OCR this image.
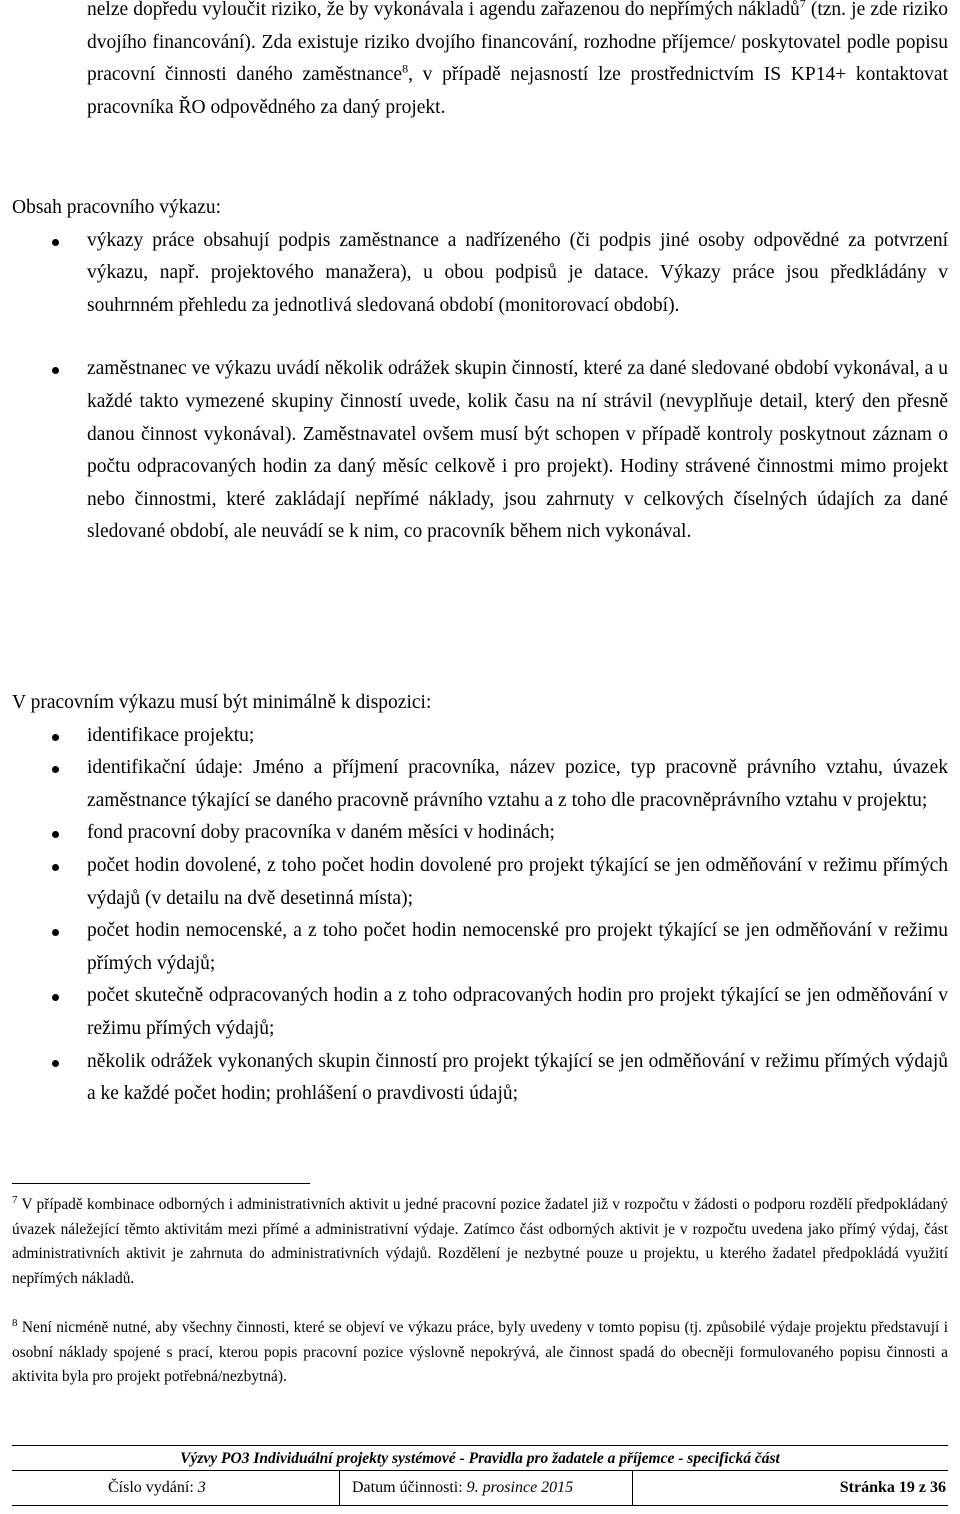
nelze dopředu vyloučit riziko, že by vykonávala i agendu zařazenou do nepřímých nákladů$^7$ (tzn. je zde riziko dvojího financování). Zda existuje riziko dvojího financování, rozhodne příjemce/ poskytovatel podle popisu pracovní činnosti daného zaměstnance$^8$, v případě nejasností lze prostřednictvím IS KP14+ kontaktovat pracovníka ŘO odpovědného za daný projekt.

Obsah pracovního výkazu:

výkazy práce obsahují podpis zaměstnance a nadřízeného (či podpis jiné osoby odpovědné za potvrzení výkazu, např. projektového manažera), u obou podpisů je datace. Výkazy práce jsou předkládány v souhrnném přehledu za jednotlivá sledovaná období (monitorovací období).
zaměstnanec ve výkazu uvádí několik odrážek skupin činností, které za dané sledované období vykonával, a u každé takto vymezené skupiny činností uvede, kolik času na ní strávil (nevyplňuje detail, který den přesně danou činnost vykonával). Zaměstnavatel ovšem musí být schopen v případě kontroly poskytnout záznam o počtu odpracovaných hodin za daný měsíc celkově i pro projekt). Hodiny strávené činnostmi mimo projekt nebo činnostmi, které zakládají nepřímé náklady, jsou zahrnuty v celkových číselných údajích za dané sledované období, ale neuvádí se k nim, co pracovník během nich vykonával.

V pracovním výkazu musí být minimálně k dispozici:

identifikace projektu;
identifikační údaje: Jméno a příjmení pracovníka, název pozice, typ pracovně právního vztahu, úvazek zaměstnance týkající se daného pracovně právního vztahu a z toho dle pracovněprávního vztahu v projektu;
fond pracovní doby pracovníka v daném měsíci v hodinách;
počet hodin dovolené, z toho počet hodin dovolené pro projekt týkající se jen odměňování v režimu přímých výdajů (v detailu na dvě desetinná místa);
počet hodin nemocenské, a z toho počet hodin nemocenské pro projekt týkající se jen odměňování v režimu přímých výdajů;
počet skutečně odpracovaných hodin a z toho odpracovaných hodin pro projekt týkající se jen odměňování v režimu přímých výdajů;
několik odrážek vykonaných skupin činností pro projekt týkající se jen odměňování v režimu přímých výdajů a ke každé počet hodin; prohlášení o pravdivosti údajů;
$^7$ V případě kombinace odborných i administrativních aktivit u jedné pracovní pozice žadatel již v rozpočtu v žádosti o podporu rozdělí předpokládaný úvazek náležející těmto aktivitám mezi přímé a administrativní výdaje. Zatímco část odborných aktivit je v rozpočtu uvedena jako přímý výdaj, část administrativních aktivit je zahrnuta do administrativních výdajů. Rozdělení je nezbytné pouze u projektu, u kterého žadatel předpokládá využití nepřímých nákladů.
$^8$ Není nicméně nutné, aby všechny činnosti, které se objeví ve výkazu práce, byly uvedeny v tomto popisu (tj. způsobilé výdaje projektu představují i osobní náklady spojené s prací, kterou popis pracovní pozice výslovně nepokrývá, ale činnost spadá do obecněji formulovaného popisu činnosti a aktivita byla pro projekt potřebná/nezbytná).
Výzvy PO3 Individuální projekty systémové - Pravidla pro žadatele a příjemce - specifická část
Číslo vydání: 3	Datum účinnosti: 9. prosince 2015	Stránka 19 z 36
